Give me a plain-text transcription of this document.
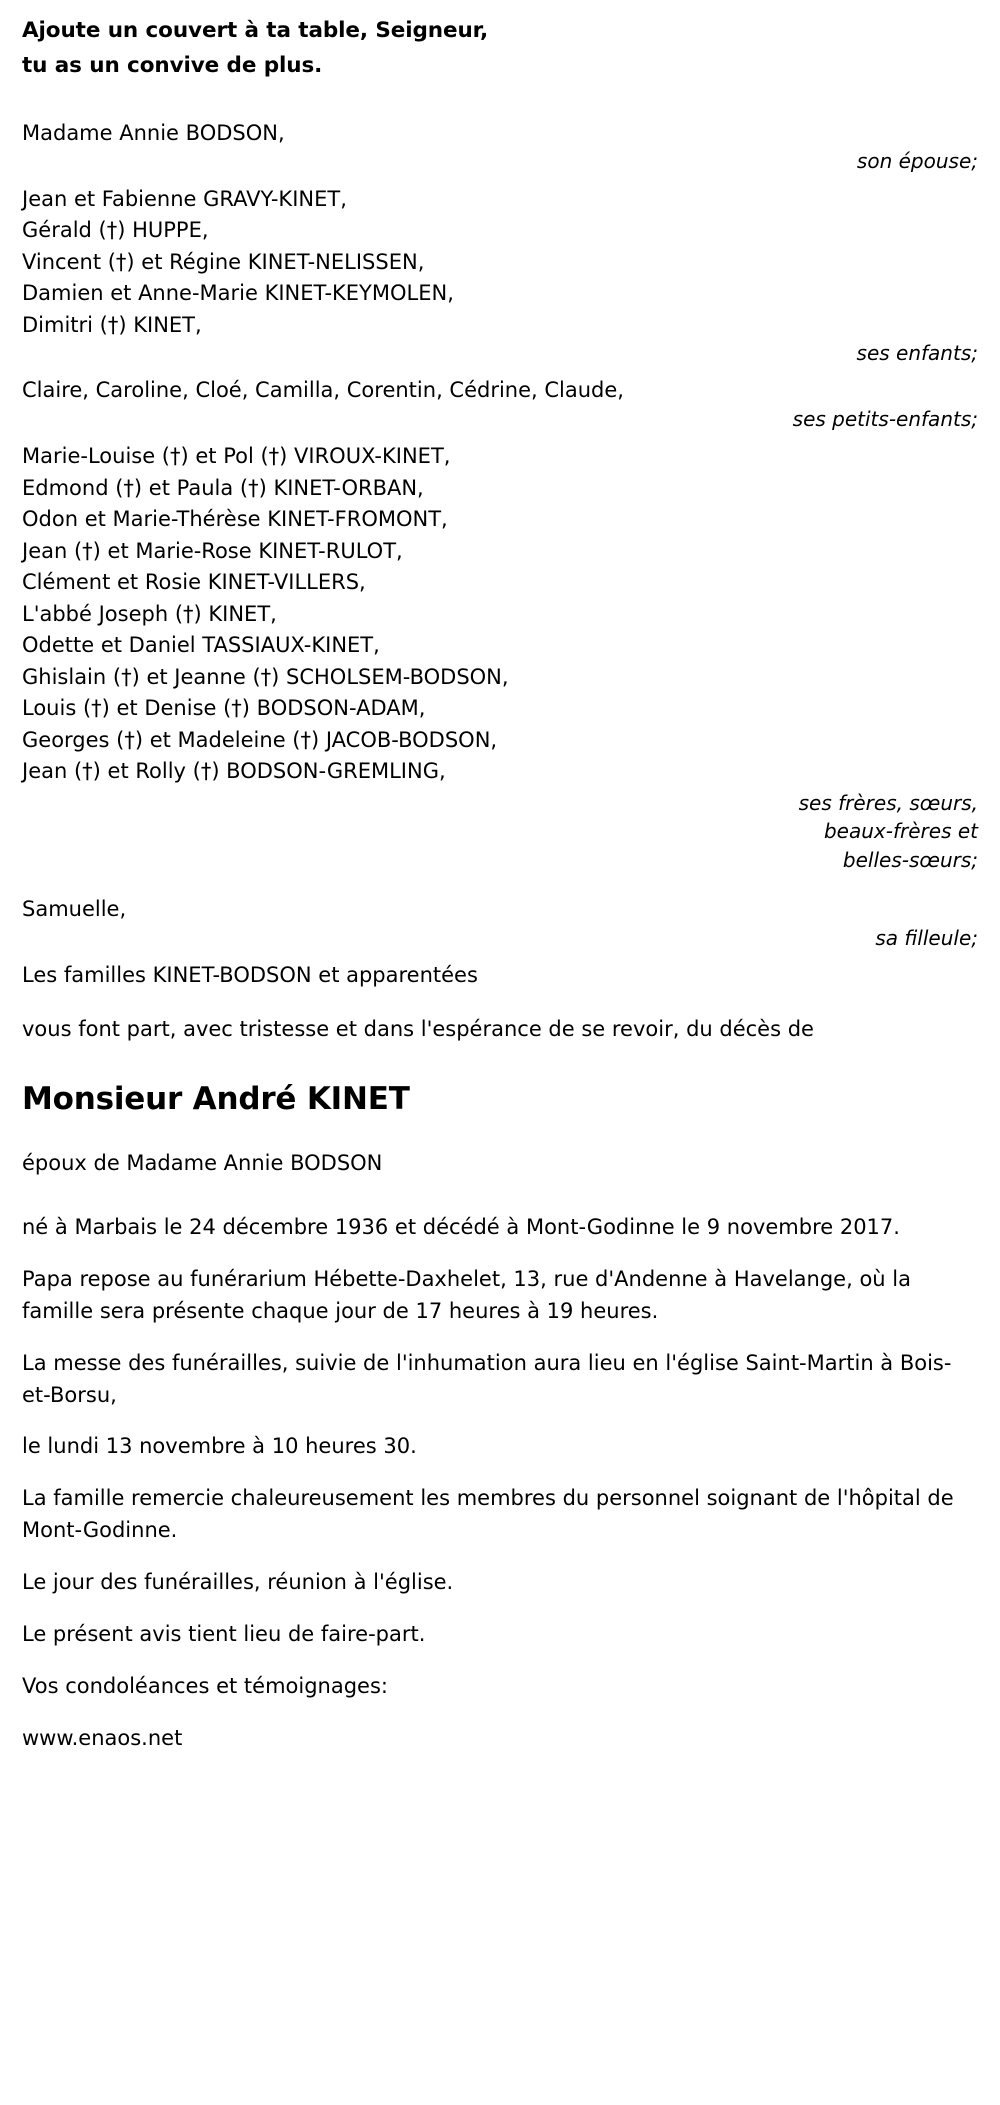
Ajoute un couvert à ta table, Seigneur,
tu as un convive de plus.
Madame Annie BODSON,
son épouse;
Jean et Fabienne GRAVY-KINET,
Gérald (†) HUPPE,
Vincent (†) et Régine KINET-NELISSEN,
Damien et Anne-Marie KINET-KEYMOLEN,
Dimitri (†) KINET,
ses enfants;
Claire, Caroline, Cloé, Camilla, Corentin, Cédrine, Claude,
ses petits-enfants;
Marie-Louise (†) et Pol (†) VIROUX-KINET,
Edmond (†) et Paula (†) KINET-ORBAN,
Odon et Marie-Thérèse KINET-FROMONT,
Jean (†) et Marie-Rose KINET-RULOT,
Clément et Rosie KINET-VILLERS,
L'abbé Joseph (†) KINET,
Odette et Daniel TASSIAUX-KINET,
Ghislain (†) et Jeanne (†) SCHOLSEM-BODSON,
Louis (†) et Denise (†) BODSON-ADAM,
Georges (†) et Madeleine (†) JACOB-BODSON,
Jean (†) et Rolly (†) BODSON-GREMLING,
ses frères, sœurs,
beaux-frères et
belles-sœurs;
Samuelle,
sa filleule;
Les familles KINET-BODSON et apparentées
vous font part, avec tristesse et dans l'espérance de se revoir, du décès de
Monsieur André KINET
époux de Madame Annie BODSON
né à Marbais le 24 décembre 1936 et décédé à Mont-Godinne le 9 novembre 2017.
Papa repose au funérarium Hébette-Daxhelet, 13, rue d'Andenne à Havelange, où la famille sera présente chaque jour de 17 heures à 19 heures.
La messe des funérailles, suivie de l'inhumation aura lieu en l'église Saint-Martin à Bois-et-Borsu,
le lundi 13 novembre à 10 heures 30.
La famille remercie chaleureusement les membres du personnel soignant de l'hôpital de Mont-Godinne.
Le jour des funérailles, réunion à l'église.
Le présent avis tient lieu de faire-part.
Vos condoléances et témoignages:
www.enaos.net
